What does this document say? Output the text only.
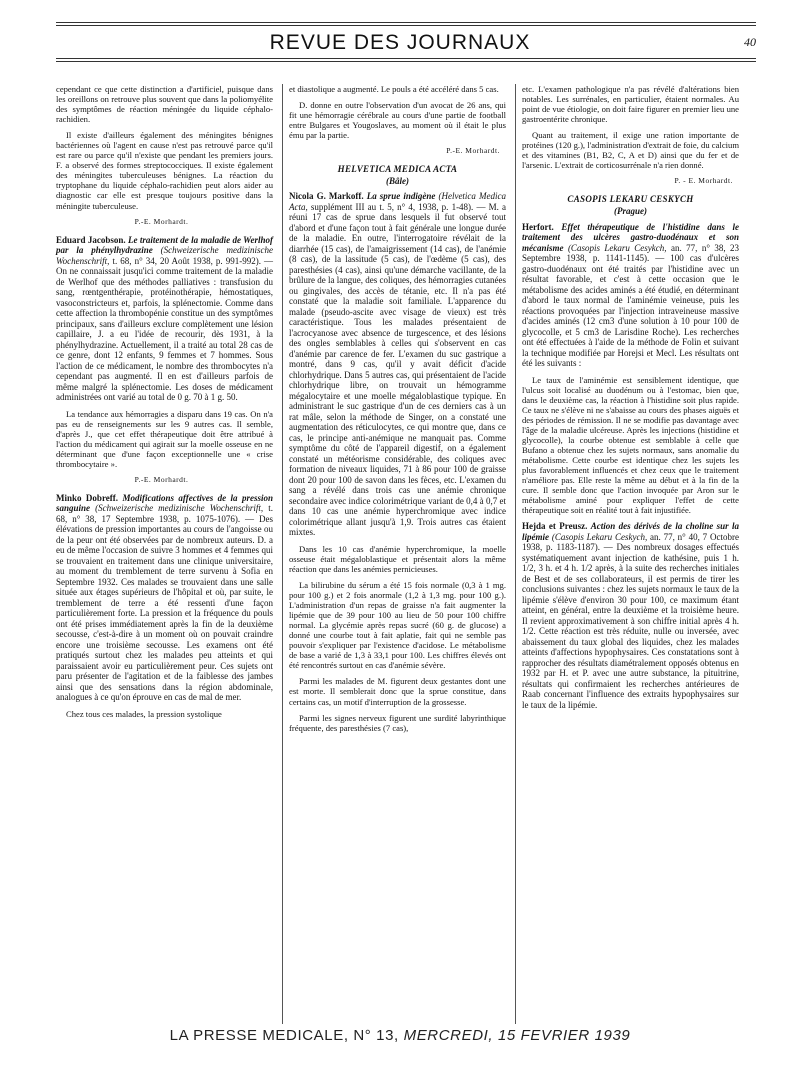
REVUE DES JOURNAUX	40

cependant ce que cette distinction a d'artificiel, puisque dans les oreillons on retrouve plus souvent que dans la poliomyélite des symptômes de réaction méningée du liquide céphalo-rachidien.

Il existe d'ailleurs également des méningites bénignes bactériennes où l'agent en cause n'est pas retrouvé parce qu'il est rare ou parce qu'il n'existe que pendant les premiers jours. F. a observé des formes streptococciques. Il existe également des méningites tuberculeuses bénignes. La réaction du tryptophane du liquide céphalo-rachidien peut alors aider au diagnostic car elle est presque toujours positive dans la méningite tuberculeuse.

P.-E. Morhardt.

Eduard Jacobson. Le traitement de la maladie de Werlhof par la phénylhydrazine (Schweizerische medizinische Wochenschrift, t. 68, n° 34, 20 Août 1938, p. 991-992). — On ne connaissait jusqu'ici comme traitement de la maladie de Werlhof que des méthodes palliatives : transfusion du sang, rœntgenthérapie, protéinothérapie, hémostatiques, vasoconstricteurs et, parfois, la splénectomie. Comme dans cette affection la thrombopénie constitue un des symptômes principaux, sans d'ailleurs exclure complètement une lésion capillaire, J. a eu l'idée de recourir, dès 1931, à la phénylhydrazine. Actuellement, il a traité au total 28 cas de ce genre, dont 12 enfants, 9 femmes et 7 hommes. Sous l'action de ce médicament, le nombre des thrombocytes n'a cependant pas augmenté. Il en est d'ailleurs parfois de même malgré la splénectomie. Les doses de médicament administrées ont varié au total de 0 g. 70 à 1 g. 50.

La tendance aux hémorragies a disparu dans 19 cas. On n'a pas eu de renseignements sur les 9 autres cas. Il semble, d'après J., que cet effet thérapeutique doit être attribué à l'action du médicament qui agirait sur la moelle osseuse en ne déterminant que d'une façon exceptionnelle une « crise thrombocytaire ».

P.-E. Morhardt.

Minko Dobreff. Modifications affectives de la pression sanguine (Schweizerische medizinische Wochenschrift, t. 68, n° 38, 17 Septembre 1938, p. 1075-1076). — Des élévations de pression importantes au cours de l'angoisse ou de la peur ont été observées par de nombreux auteurs. D. a eu de même l'occasion de suivre 3 hommes et 4 femmes qui se trouvaient en traitement dans une clinique universitaire, au moment du tremblement de terre survenu à Sofia en Septembre 1932. Ces malades se trouvaient dans une salle située aux étages supérieurs de l'hôpital et où, par suite, le tremblement de terre a été ressenti d'une façon particulièrement forte. La pression et la fréquence du pouls ont été prises immédiatement après la fin de la deuxième secousse, c'est-à-dire à un moment où on pouvait craindre encore une troisième secousse. Les examens ont été pratiqués surtout chez les malades peu atteints et qui paraissaient avoir eu particulièrement peur. Ces sujets ont paru présenter de l'agitation et de la faiblesse des jambes ainsi que des sensations dans la région abdominale, analogues à ce qu'on éprouve en cas de mal de mer.

Chez tous ces malades, la pression systolique

et diastolique a augmenté. Le pouls a été accéléré dans 5 cas.

D. donne en outre l'observation d'un avocat de 26 ans, qui fit une hémorragie cérébrale au cours d'une partie de football entre Bulgares et Yougoslaves, au moment où il était le plus ému par la partie.

P.-E. Morhardt.
HELVETICA MEDICA ACTA
(Bâle)

Nicola G. Markoff. La sprue indigène (Helvetica Medica Acta, supplément III au t. 5, n° 4, 1938, p. 1-48). — M. a réuni 17 cas de sprue dans lesquels il fut observé tout d'abord et d'une façon tout à fait générale une longue durée de la maladie. En outre, l'interrogatoire révélait de la diarrhée (15 cas), de l'amaigrissement (14 cas), de l'anémie (8 cas), de la lassitude (5 cas), de l'œdème (5 cas), des paresthésies (4 cas), ainsi qu'une démarche vacillante, de la brûlure de la langue, des coliques, des hémorragies cutanées ou gingivales, des accès de tétanie, etc. Il n'a pas été constaté que la maladie soit familiale. L'apparence du malade (pseudo-ascite avec visage de vieux) est très caractéristique. Tous les malades présentaient de l'acrocyanose avec absence de turgescence, et des lésions des ongles semblables à celles qui s'observent en cas d'anémie par carence de fer. L'examen du suc gastrique a montré, dans 9 cas, qu'il y avait déficit d'acide chlorhydrique. Dans 5 autres cas, qui présentaient de l'acide chlorhydrique libre, on trouvait un hémogramme mégalocytaire et une moelle mégaloblastique typique. En administrant le suc gastrique d'un de ces derniers cas à un rat mâle, selon la méthode de Singer, on a constaté une augmentation des réticulocytes, ce qui montre que, dans ce cas, le principe anti-anémique ne manquait pas. Comme symptôme du côté de l'appareil digestif, on a également constaté un météorisme considérable, des coliques avec formation de niveaux liquides, 71 à 86 pour 100 de graisse dont 20 pour 100 de savon dans les fèces, etc. L'examen du sang a révélé dans trois cas une anémie chronique secondaire avec indice colorimétrique variant de 0,4 à 0,7 et dans 10 cas une anémie hyperchromique avec indice colorimétrique allant jusqu'à 1,9. Trois autres cas étaient mixtes.

Dans les 10 cas d'anémie hyperchromique, la moelle osseuse était mégaloblastique et présentait alors la même réaction que dans les anémies pernicieuses.

La bilirubine du sérum a été 15 fois normale (0,3 à 1 mg. pour 100 g.) et 2 fois anormale (1,2 à 1,3 mg. pour 100 g.). L'administration d'un repas de graisse n'a fait augmenter la lipémie que de 39 pour 100 au lieu de 50 pour 100 chiffre normal. La glycémie après repas sucré (60 g. de glucose) a donné une courbe tout à fait aplatie, fait qui ne semble pas pouvoir s'expliquer par l'existence d'acidose. Le métabolisme de base a varié de 1,3 à 33,1 pour 100. Les chiffres élevés ont été rencontrés surtout en cas d'anémie sévère.

Parmi les malades de M. figurent deux gestantes dont une est morte. Il semblerait donc que la sprue constitue, dans certains cas, un motif d'interruption de la grossesse.

Parmi les signes nerveux figurent une surdité labyrinthique fréquente, des paresthésies (7 cas),

etc. L'examen pathologique n'a pas révélé d'altérations bien notables. Les surrénales, en particulier, étaient normales. Au point de vue étiologie, on doit faire figurer en premier lieu une gastroentérite chronique.

Quant au traitement, il exige une ration importante de protéines (120 g.), l'administration d'extrait de foie, du calcium et des vitamines (B1, B2, C, A et D) ainsi que du fer et de l'arsenic. L'extrait de corticosurrénale n'a rien donné.

P. - E. Morhardt.
CASOPIS LEKARU CESKYCH
(Prague)

Herfort. Effet thérapeutique de l'histidine dans le traitement des ulcères gastro-duodénaux et son mécanisme (Casopis Lekaru Cesykch, an. 77, n° 38, 23 Septembre 1938, p. 1141-1145). — 100 cas d'ulcères gastro-duodénaux ont été traités par l'histidine avec un résultat favorable, et c'est à cette occasion que le métabolisme des acides aminés a été étudié, en déterminant d'abord le taux normal de l'aminémie veineuse, puis les réactions provoquées par l'injection intraveineuse massive d'acides aminés (12 cm3 d'une solution à 10 pour 100 de glycocolle, et 5 cm3 de Larisdine Roche). Les recherches ont été effectuées à l'aide de la méthode de Folin et suivant la technique modifiée par Horejsi et Mecl. Les résultats ont été les suivants :

Le taux de l'aminémie est sensiblement identique, que l'ulcus soit localisé au duodénum ou à l'estomac, bien que, dans le deuxième cas, la réaction à l'histidine soit plus rapide. Ce taux ne s'élève ni ne s'abaisse au cours des phases aiguës et des périodes de rémission. Il ne se modifie pas davantage avec l'âge de la maladie ulcéreuse. Après les injections (histidine et glycocolle), la courbe obtenue est semblable à celle que Bufano a obtenue chez les sujets normaux, sans anomalie du métabolisme. Cette courbe est identique chez les sujets les plus favorablement influencés et chez ceux que le traitement n'améliore pas. Elle reste la même au début et à la fin de la cure. Il semble donc que l'action invoquée par Aron sur le métabolisme aminé pour expliquer l'effet de cette thérapeutique soit en réalité tout à fait injustifiée.

Hejda et Preusz. Action des dérivés de la choline sur la lipémie (Casopis Lekaru Ceskych, an. 77, n° 40, 7 Octobre 1938, p. 1183-1187). — Des nombreux dosages effectués systématiquement avant injection de kathésine, puis 1 h. 1/2, 3 h. et 4 h. 1/2 après, à la suite des recherches initiales de Best et de ses collaborateurs, il est permis de tirer les conclusions suivantes : chez les sujets normaux le taux de la lipémie s'élève d'environ 30 pour 100, ce maximum étant atteint, en général, entre la deuxième et la troisième heure. Il revient approximativement à son chiffre initial après 4 h. 1/2. Cette réaction est très réduite, nulle ou inversée, avec abaissement du taux global des liquides, chez les malades atteints d'affections hypophysaires. Ces constatations sont à rapprocher des résultats diamétralement opposés obtenus en 1932 par H. et P. avec une autre substance, la pituitrine, résultats qui confirmaient les recherches antérieures de Raab concernant l'influence des extraits hypophysaires sur le taux de la lipémie.

LA PRESSE MEDICALE, N° 13, MERCREDI, 15 FEVRIER 1939
